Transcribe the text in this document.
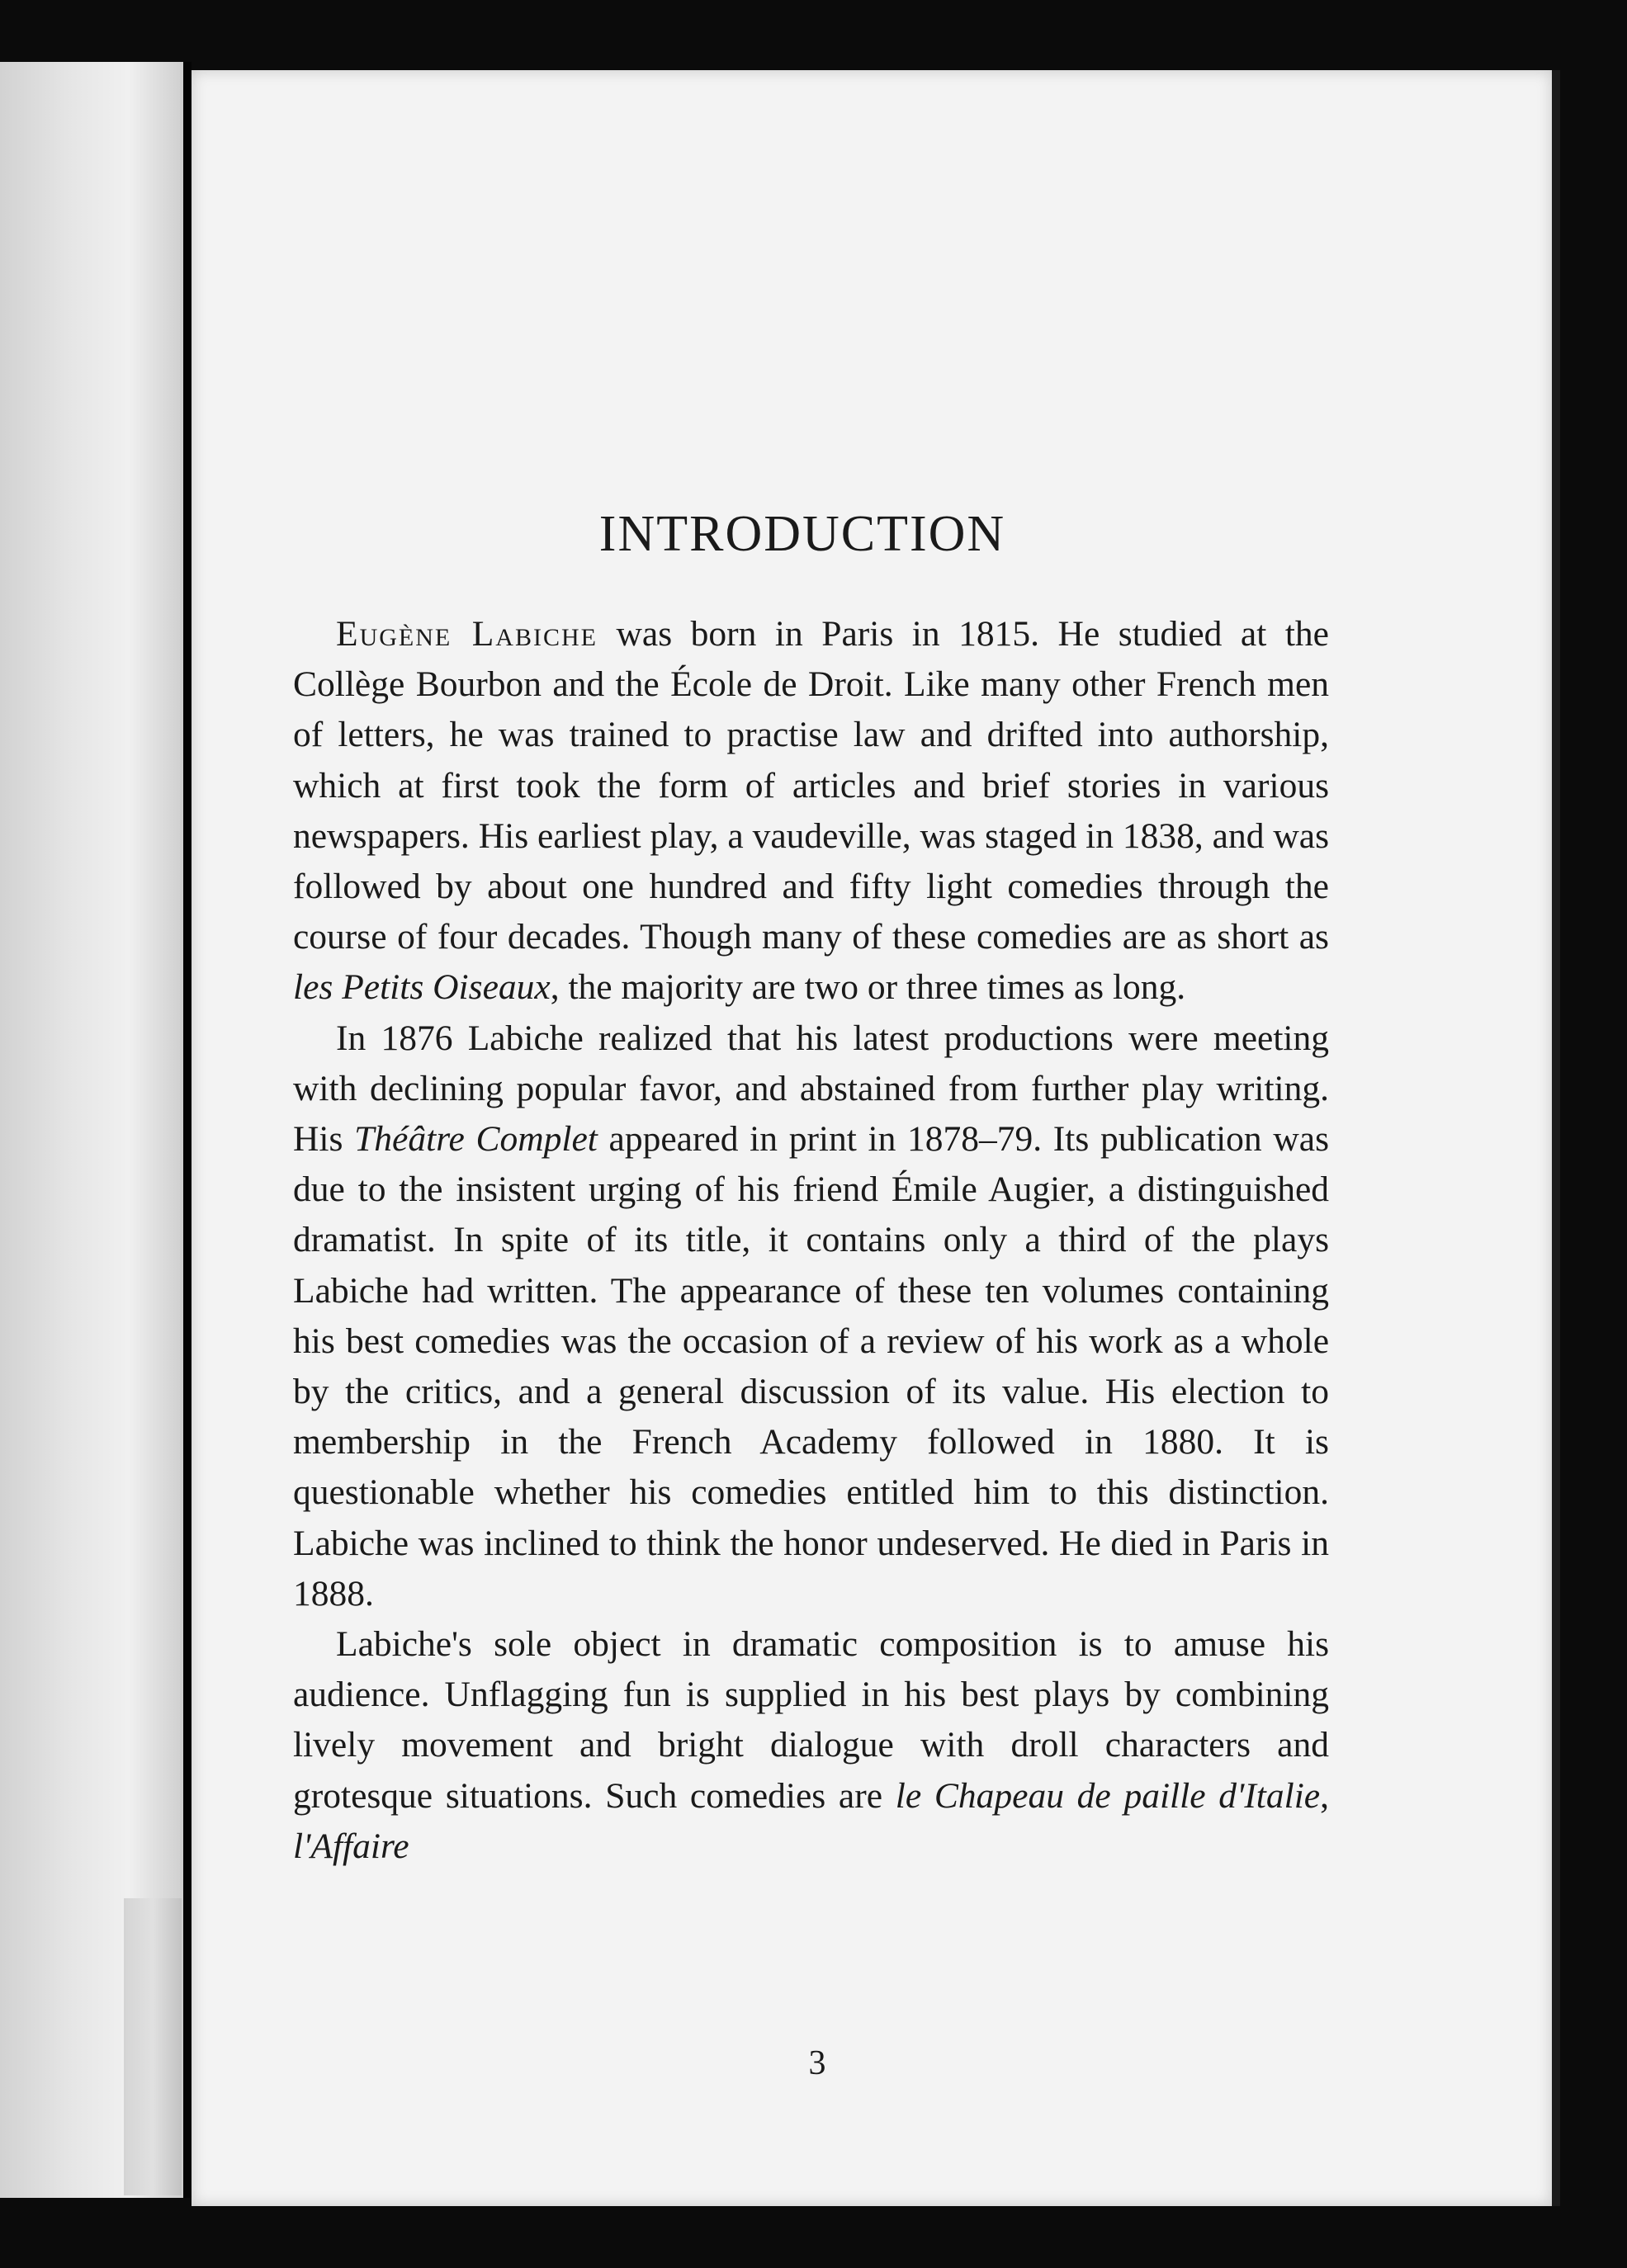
INTRODUCTION

Eugène Labiche was born in Paris in 1815. He studied at the Collège Bourbon and the École de Droit. Like many other French men of letters, he was trained to practise law and drifted into authorship, which at first took the form of articles and brief stories in various newspapers. His earliest play, a vaudeville, was staged in 1838, and was followed by about one hundred and fifty light comedies through the course of four decades. Though many of these comedies are as short as les Petits Oiseaux, the majority are two or three times as long.

In 1876 Labiche realized that his latest productions were meeting with declining popular favor, and abstained from further play writing. His Théâtre Complet appeared in print in 1878–79. Its publication was due to the insistent urging of his friend Émile Augier, a distinguished dramatist. In spite of its title, it contains only a third of the plays Labiche had written. The appearance of these ten volumes containing his best comedies was the occasion of a review of his work as a whole by the critics, and a general discussion of its value. His election to membership in the French Academy followed in 1880. It is questionable whether his comedies entitled him to this distinction. Labiche was inclined to think the honor undeserved. He died in Paris in 1888.

Labiche's sole object in dramatic composition is to amuse his audience. Unflagging fun is supplied in his best plays by combining lively movement and bright dialogue with droll characters and grotesque situations. Such comedies are le Chapeau de paille d'Italie, l'Affaire

3
